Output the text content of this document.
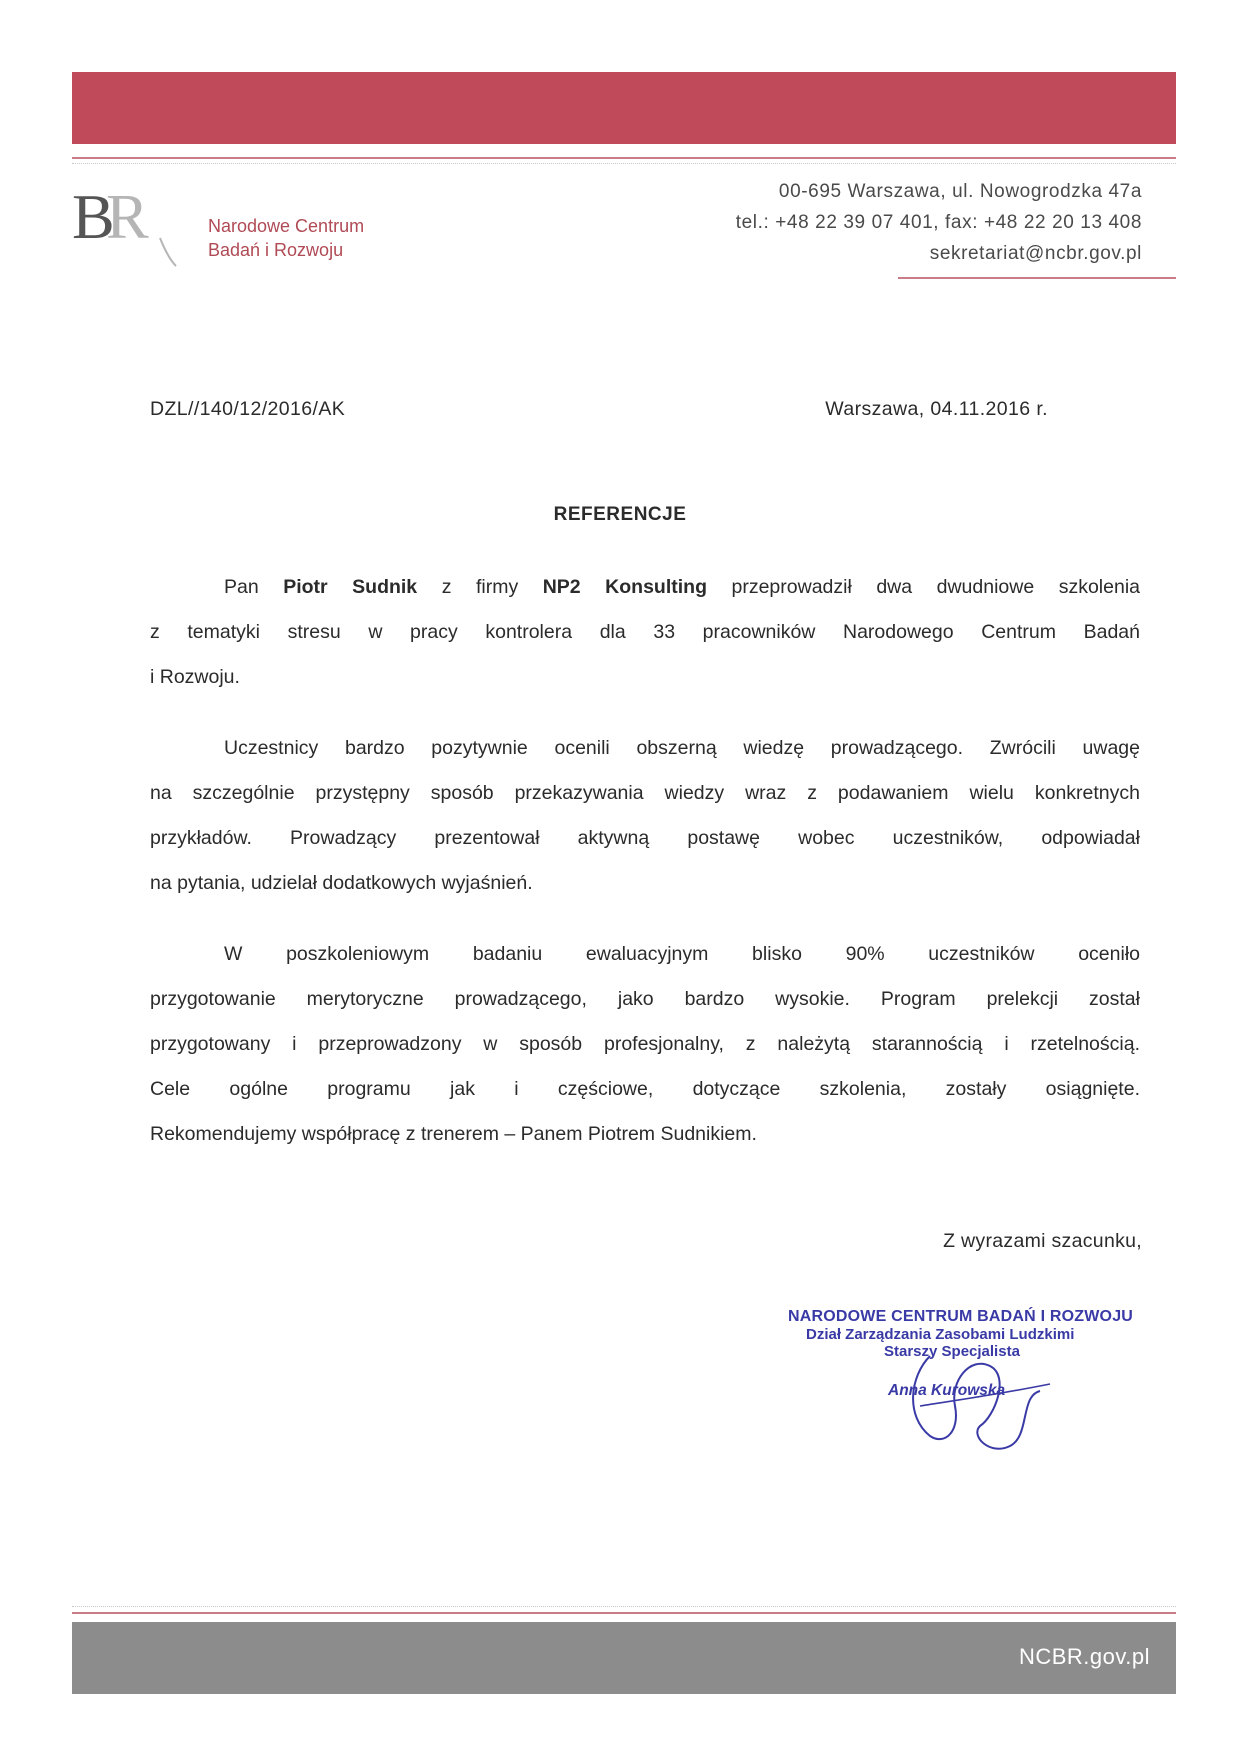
B
R	Narodowe Centrum
Badań i Rozwoju
00-695 Warszawa, ul. Nowogrodzka 47a
tel.: +48 22 39 07 401, fax: +48 22 20 13 408
sekretariat@ncbr.gov.pl
DZL//140/12/2016/AK	Warszawa, 04.11.2016 r.
REFERENCJE
Pan Piotr Sudnik z firmy NP2 Konsulting przeprowadził dwa dwudniowe szkolenia
z tematyki stresu w pracy kontrolera dla 33 pracowników Narodowego Centrum Badań
i Rozwoju.
Uczestnicy bardzo pozytywnie ocenili obszerną wiedzę prowadzącego. Zwrócili uwagę
na szczególnie przystępny sposób przekazywania wiedzy wraz z podawaniem wielu konkretnych
przykładów. Prowadzący prezentował aktywną postawę wobec uczestników, odpowiadał
na pytania, udzielał dodatkowych wyjaśnień.
W poszkoleniowym badaniu ewaluacyjnym blisko 90% uczestników oceniło
przygotowanie merytoryczne prowadzącego, jako bardzo wysokie. Program prelekcji został
przygotowany i przeprowadzony w sposób profesjonalny, z należytą starannością i rzetelnością.
Cele ogólne programu jak i częściowe, dotyczące szkolenia, zostały osiągnięte.
Rekomendujemy współpracę z trenerem – Panem Piotrem Sudnikiem.
Z wyrazami szacunku,
NARODOWE CENTRUM BADAŃ I ROZWOJU
Dział Zarządzania Zasobami Ludzkimi
Starszy Specjalista
Anna Kurowska
NCBR.gov.pl
